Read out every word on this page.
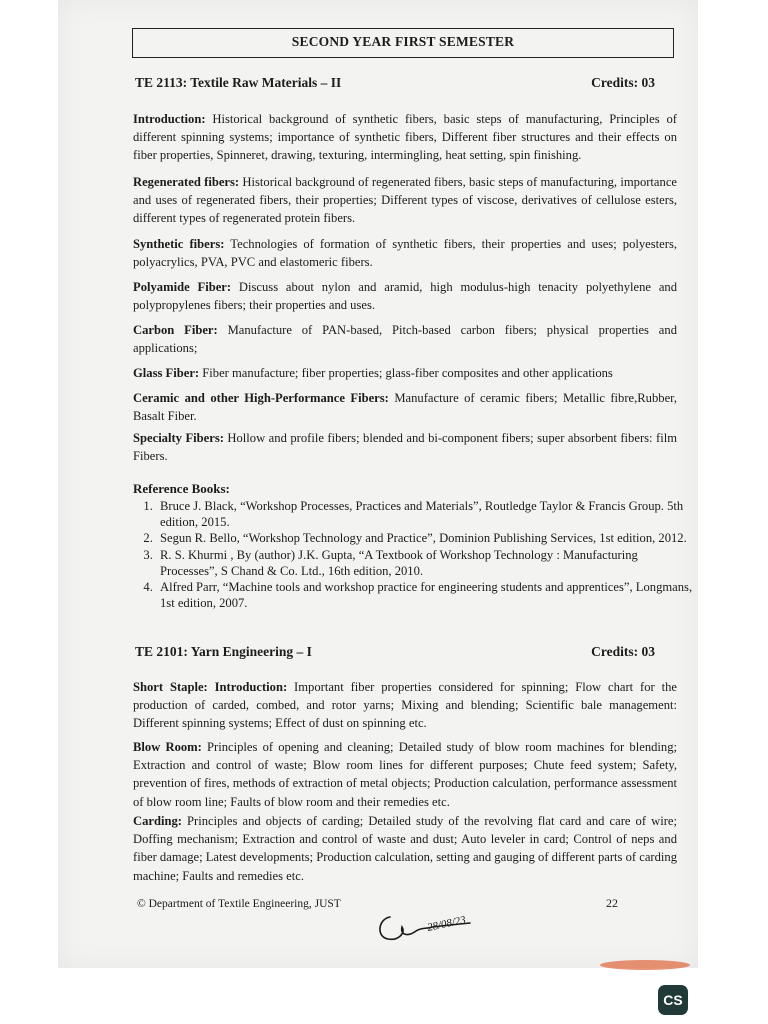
SECOND YEAR FIRST SEMESTER
TE 2113: Textile Raw Materials – II	Credits: 03
Introduction: Historical background of synthetic fibers, basic steps of manufacturing, Principles of different spinning systems; importance of synthetic fibers, Different fiber structures and their effects on fiber properties, Spinneret, drawing, texturing, intermingling, heat setting, spin finishing.
Regenerated fibers: Historical background of regenerated fibers, basic steps of manufacturing, importance and uses of regenerated fibers, their properties; Different types of viscose, derivatives of cellulose esters, different types of regenerated protein fibers.
Synthetic fibers: Technologies of formation of synthetic fibers, their properties and uses; polyesters, polyacrylics, PVA, PVC and elastomeric fibers.
Polyamide Fiber: Discuss about nylon and aramid, high modulus-high tenacity polyethylene and polypropylenes fibers; their properties and uses.
Carbon Fiber: Manufacture of PAN-based, Pitch-based carbon fibers; physical properties and applications;
Glass Fiber: Fiber manufacture; fiber properties; glass-fiber composites and other applications
Ceramic and other High-Performance Fibers: Manufacture of ceramic fibers; Metallic fibre,Rubber, Basalt Fiber.
Specialty Fibers: Hollow and profile fibers; blended and bi-component fibers; super absorbent fibers: film Fibers.
Reference Books:
1. Bruce J. Black, “Workshop Processes, Practices and Materials”, Routledge Taylor & Francis Group. 5th edition, 2015.
2. Segun R. Bello, “Workshop Technology and Practice”, Dominion Publishing Services, 1st edition, 2012.
3. R. S. Khurmi , By (author) J.K. Gupta, “A Textbook of Workshop Technology : Manufacturing Processes”, S Chand & Co. Ltd., 16th edition, 2010.
4. Alfred Parr, “Machine tools and workshop practice for engineering students and apprentices”, Longmans, 1st edition, 2007.
TE 2101: Yarn Engineering – I	Credits: 03
Short Staple: Introduction: Important fiber properties considered for spinning; Flow chart for the production of carded, combed, and rotor yarns; Mixing and blending; Scientific bale management: Different spinning systems; Effect of dust on spinning etc.
Blow Room: Principles of opening and cleaning; Detailed study of blow room machines for blending; Extraction and control of waste; Blow room lines for different purposes; Chute feed system; Safety, prevention of fires, methods of extraction of metal objects; Production calculation, performance assessment of blow room line; Faults of blow room and their remedies etc.
Carding: Principles and objects of carding; Detailed study of the revolving flat card and care of wire; Doffing mechanism; Extraction and control of waste and dust; Auto leveler in card; Control of neps and fiber damage; Latest developments; Production calculation, setting and gauging of different parts of carding machine; Faults and remedies etc.
© Department of Textile Engineering, JUST	22
28/08/23
CS
